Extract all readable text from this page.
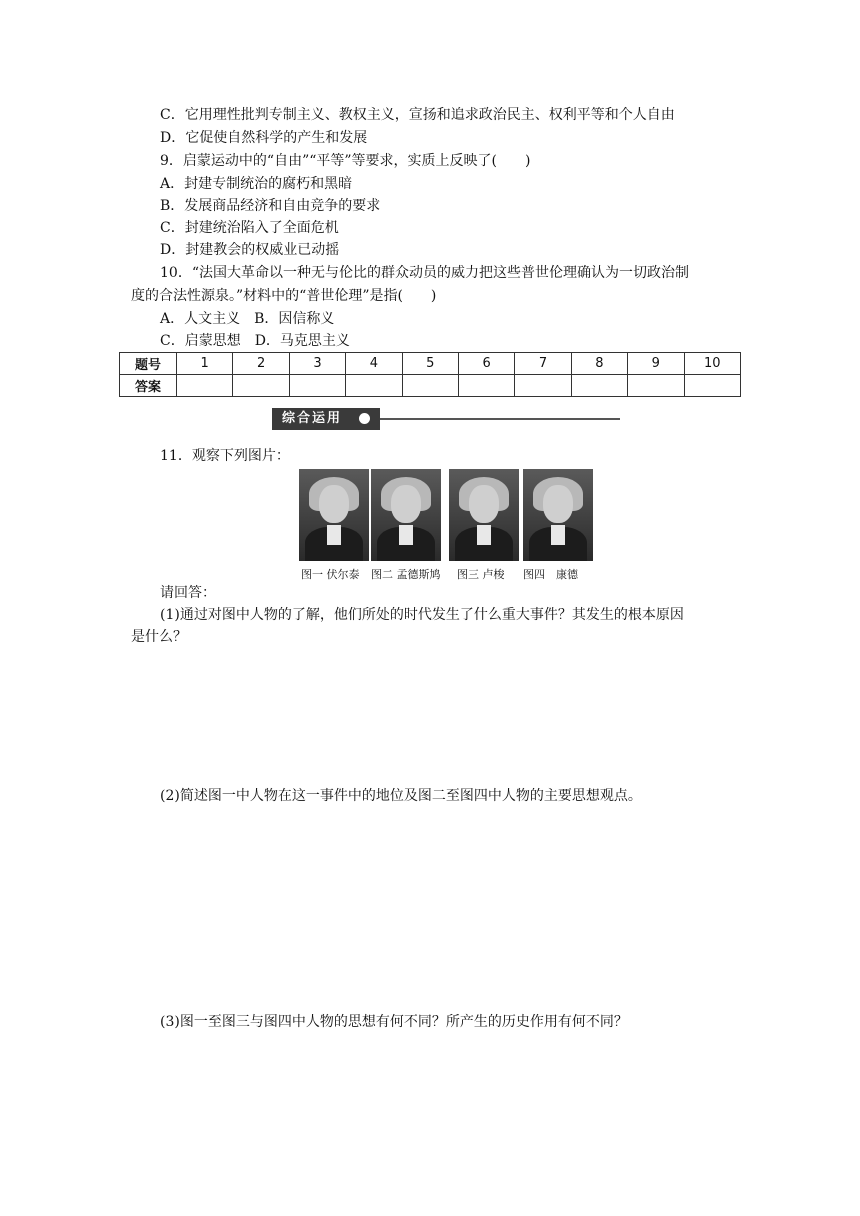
C．它用理性批判专制主义、教权主义，宣扬和追求政治民主、权利平等和个人自由
D．它促使自然科学的产生和发展
9．启蒙运动中的“自由”“平等”等要求，实质上反映了(　　)
A．封建专制统治的腐朽和黑暗
B．发展商品经济和自由竞争的要求
C．封建统治陷入了全面危机
D．封建教会的权威业已动摇
10．“法国大革命以一种无与伦比的群众动员的威力把这些普世伦理确认为一切政治制
度的合法性源泉。”材料中的“普世伦理”是指(　　)
A．人文主义　B．因信称义
C．启蒙思想　D．马克思主义
题号	1	2	3	4	5	6	7	8	9	10
答案										
综合运用
11．观察下列图片：
图一 伏尔泰 图二 孟德斯鸠 图三 卢梭 图四　康德
请回答：
(1)通过对图中人物的了解，他们所处的时代发生了什么重大事件？其发生的根本原因
是什么？
(2)简述图一中人物在这一事件中的地位及图二至图四中人物的主要思想观点。
(3)图一至图三与图四中人物的思想有何不同？所产生的历史作用有何不同？
